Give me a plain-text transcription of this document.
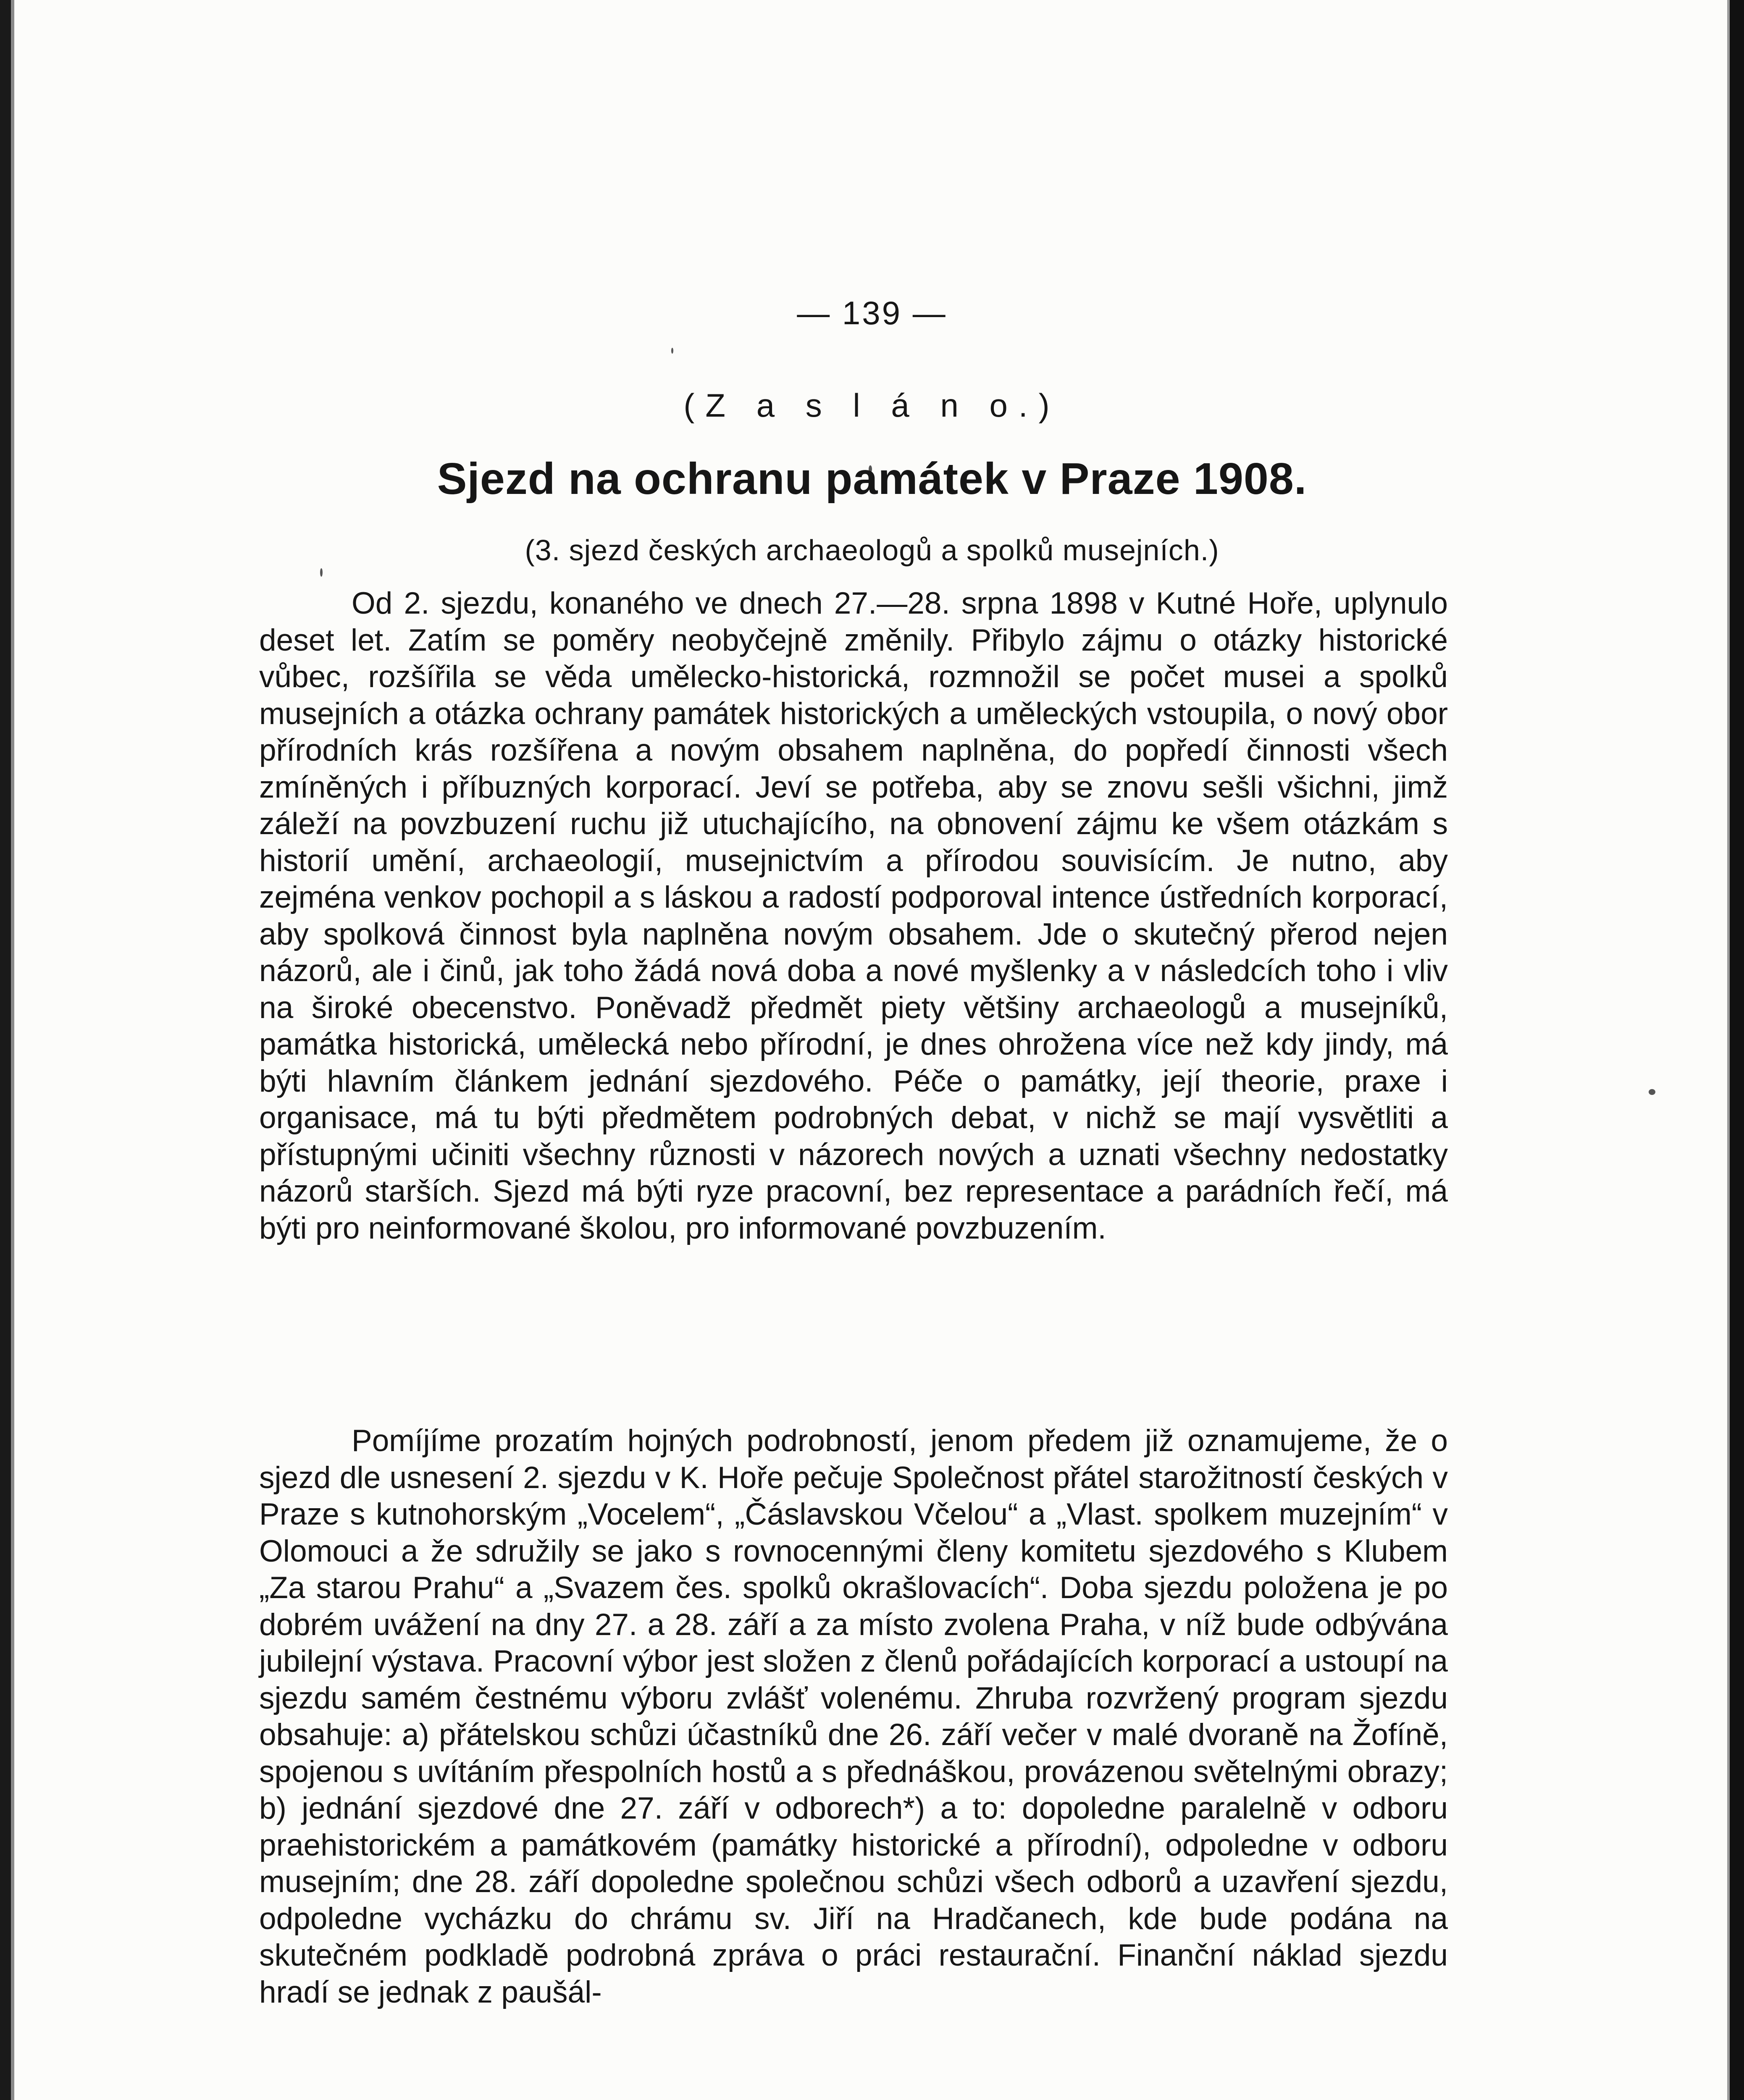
— 139 —
(Z a s l á n o.)
Sjezd na ochranu památek v Praze 1908.
(3. sjezd českých archaeologů a spolků musejních.)
Od 2. sjezdu, konaného ve dnech 27.—28. srpna 1898 v Kutné Hoře, uplynulo deset let. Zatím se poměry neobyčejně změnily. Přibylo zájmu o otázky historické vůbec, rozšířila se věda umělecko-historická, rozmnožil se počet musei a spolků musejních a otázka ochrany památek historických a uměleckých vstoupila, o nový obor přírodních krás rozšířena a novým obsahem naplněna, do popředí činnosti všech zmíněných i příbuzných korporací. Jeví se potřeba, aby se znovu sešli všichni, jimž záleží na povzbuzení ruchu již utuchajícího, na obnovení zájmu ke všem otázkám s historií umění, archaeologií, musejnictvím a přírodou souvisícím. Je nutno, aby zejména venkov pochopil a s láskou a radostí podporoval intence ústředních korporací, aby spolková činnost byla naplněna novým obsahem. Jde o skutečný přerod nejen názorů, ale i činů, jak toho žádá nová doba a nové myšlenky a v následcích toho i vliv na široké obecenstvo. Poněvadž předmět piety většiny archaeologů a musejníků, památka historická, umělecká nebo přírodní, je dnes ohrožena více než kdy jindy, má býti hlavním článkem jednání sjezdového. Péče o památky, její theorie, praxe i organisace, má tu býti předmětem podrobných debat, v nichž se mají vysvětliti a přístupnými učiniti všechny různosti v názorech nových a uznati všechny nedostatky názorů starších. Sjezd má býti ryze pracovní, bez representace a parádních řečí, má býti pro neinformované školou, pro informované povzbuzením.
Pomíjíme prozatím hojných podrobností, jenom předem již oznamujeme, že o sjezd dle usnesení 2. sjezdu v K. Hoře pečuje Společnost přátel starožitností českých v Praze s kutnohorským „Vocelem“, „Čáslavskou Včelou“ a „Vlast. spolkem muzejním“ v Olomouci a že sdružily se jako s rovnocennými členy komitetu sjezdového s Klubem „Za starou Prahu“ a „Svazem čes. spolků okrašlovacích“. Doba sjezdu položena je po dobrém uvážení na dny 27. a 28. září a za místo zvolena Praha, v níž bude odbývána jubilejní výstava. Pracovní výbor jest složen z členů pořádajících korporací a ustoupí na sjezdu samém čestnému výboru zvlášť volenému. Zhruba rozvržený program sjezdu obsahuje: a) přátelskou schůzi účastníků dne 26. září večer v malé dvoraně na Žofíně, spojenou s uvítáním přespolních hostů a s přednáškou, provázenou světelnými obrazy; b) jednání sjezdové dne 27. září v odborech*) a to: dopoledne paralelně v odboru praehistorickém a památkovém (památky historické a přírodní), odpoledne v odboru musejním; dne 28. září dopoledne společnou schůzi všech odborů a uzavření sjezdu, odpoledne vycházku do chrámu sv. Jiří na Hradčanech, kde bude podána na skutečném podkladě podrobná zpráva o práci restaurační. Finanční náklad sjezdu hradí se jednak z paušál-
